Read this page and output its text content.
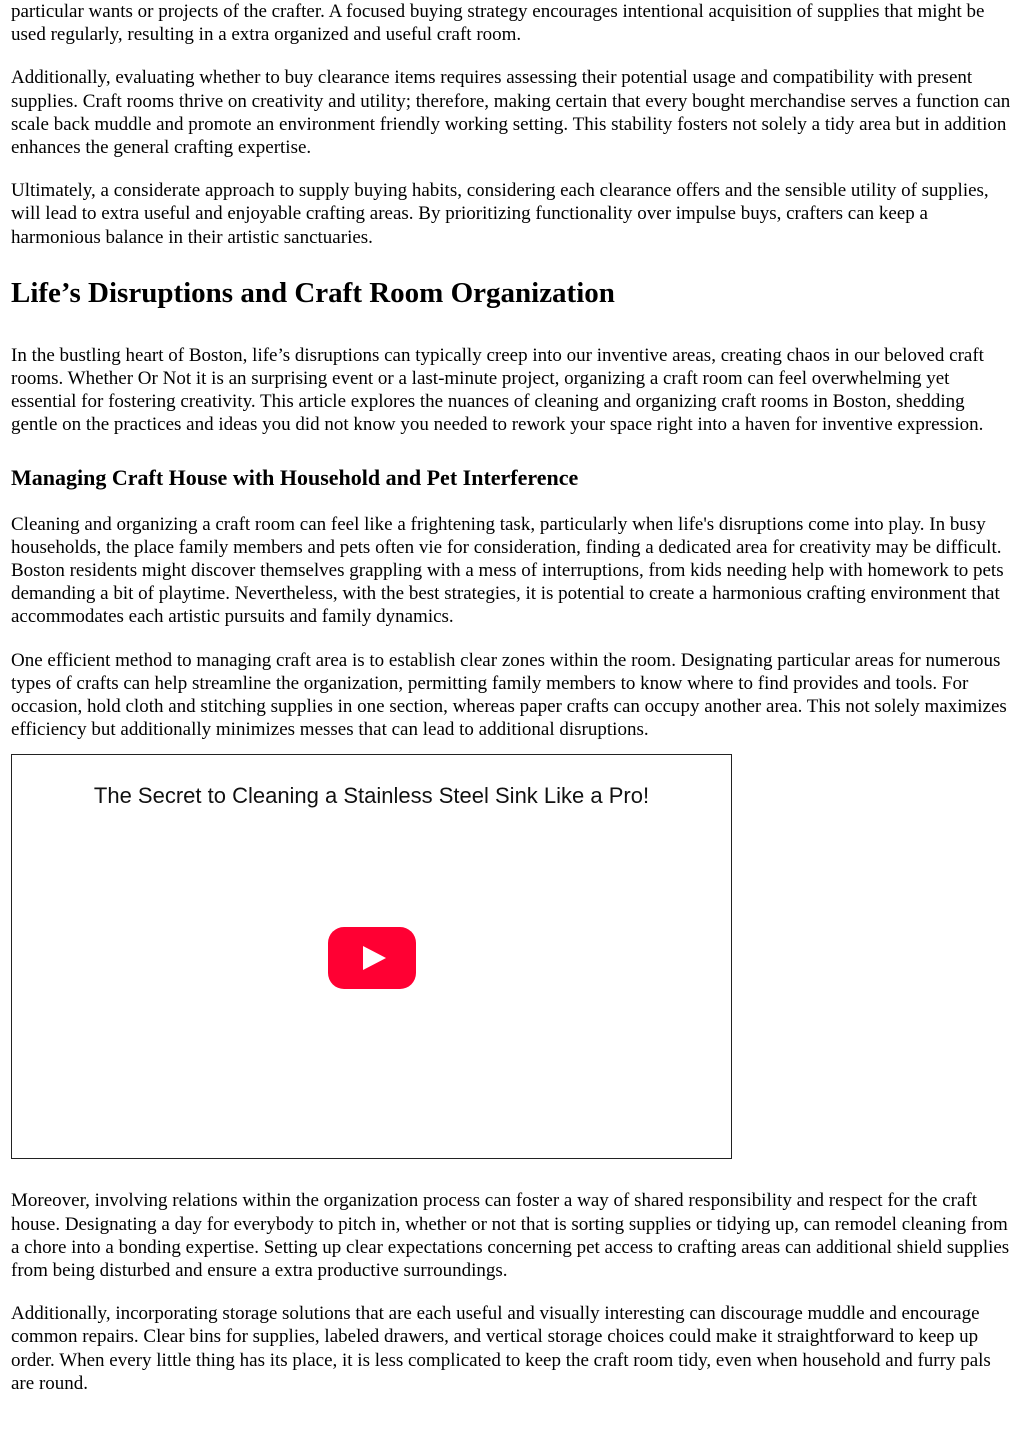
particular wants or projects of the crafter. A focused buying strategy encourages intentional acquisition of supplies that might be used regularly, resulting in a extra organized and useful craft room.

Additionally, evaluating whether to buy clearance items requires assessing their potential usage and compatibility with present supplies. Craft rooms thrive on creativity and utility; therefore, making certain that every bought merchandise serves a function can scale back muddle and promote an environment friendly working setting. This stability fosters not solely a tidy area but in addition enhances the general crafting expertise.

Ultimately, a considerate approach to supply buying habits, considering each clearance offers and the sensible utility of supplies, will lead to extra useful and enjoyable crafting areas. By prioritizing functionality over impulse buys, crafters can keep a harmonious balance in their artistic sanctuaries.

Life’s Disruptions and Craft Room Organization

In the bustling heart of Boston, life’s disruptions can typically creep into our inventive areas, creating chaos in our beloved craft rooms. Whether Or Not it is an surprising event or a last-minute project, organizing a craft room can feel overwhelming yet essential for fostering creativity. This article explores the nuances of cleaning and organizing craft rooms in Boston, shedding gentle on the practices and ideas you did not know you needed to rework your space right into a haven for inventive expression.

Managing Craft House with Household and Pet Interference

Cleaning and organizing a craft room can feel like a frightening task, particularly when life's disruptions come into play. In busy households, the place family members and pets often vie for consideration, finding a dedicated area for creativity may be difficult. Boston residents might discover themselves grappling with a mess of interruptions, from kids needing help with homework to pets demanding a bit of playtime. Nevertheless, with the best strategies, it is potential to create a harmonious crafting environment that accommodates each artistic pursuits and family dynamics.

One efficient method to managing craft area is to establish clear zones within the room. Designating particular areas for numerous types of crafts can help streamline the organization, permitting family members to know where to find provides and tools. For occasion, hold cloth and stitching supplies in one section, whereas paper crafts can occupy another area. This not solely maximizes efficiency but additionally minimizes messes that can lead to additional disruptions.

The Secret to Cleaning a Stainless Steel Sink Like a Pro!

Moreover, involving relations within the organization process can foster a way of shared responsibility and respect for the craft house. Designating a day for everybody to pitch in, whether or not that is sorting supplies or tidying up, can remodel cleaning from a chore into a bonding expertise. Setting up clear expectations concerning pet access to crafting areas can additional shield supplies from being disturbed and ensure a extra productive surroundings.

Additionally, incorporating storage solutions that are each useful and visually interesting can discourage muddle and encourage common repairs. Clear bins for supplies, labeled drawers, and vertical storage choices could make it straightforward to keep up order. When every little thing has its place, it is less complicated to keep the craft room tidy, even when household and furry pals are round.
